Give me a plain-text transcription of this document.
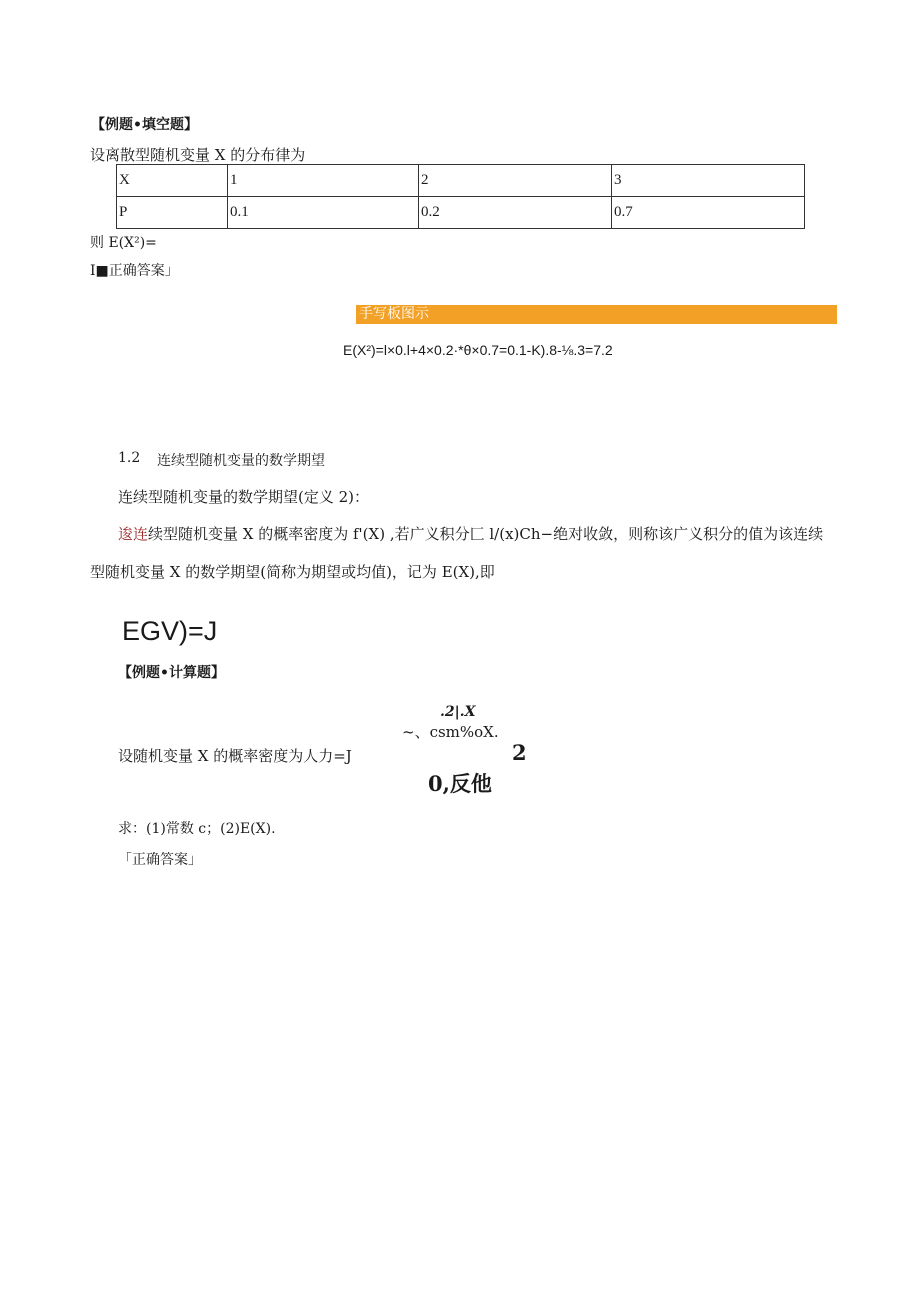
【例题•填空题】
设离散型随机变量 X 的分布律为
X	1	2	3
P	0.1	0.2	0.7
则 E(X²)=
I■正确答案」
手写板图示
E(X²)=l×0.l+4×0.2·*θ×0.7=0.1-K).8-⅛.3=7.2
1.2 连续型随机变量的数学期望
连续型随机变量的数学期望(定义 2)：
逡连续型随机变量 X 的概率密度为 f'(X) ,若广义积分匚 l/(x)Ch−绝对收敛，则称该广义积分的值为该连续
型随机变量 X 的数学期望(简称为期望或均值)，记为 E(X),即
EGV)=J
【例题•计算题】
.2|.X
~、csm%oX.
设随机变量 X 的概率密度为人力=J	2
0,反他
求：(1)常数 c；(2)E(X).
「正确答案」
